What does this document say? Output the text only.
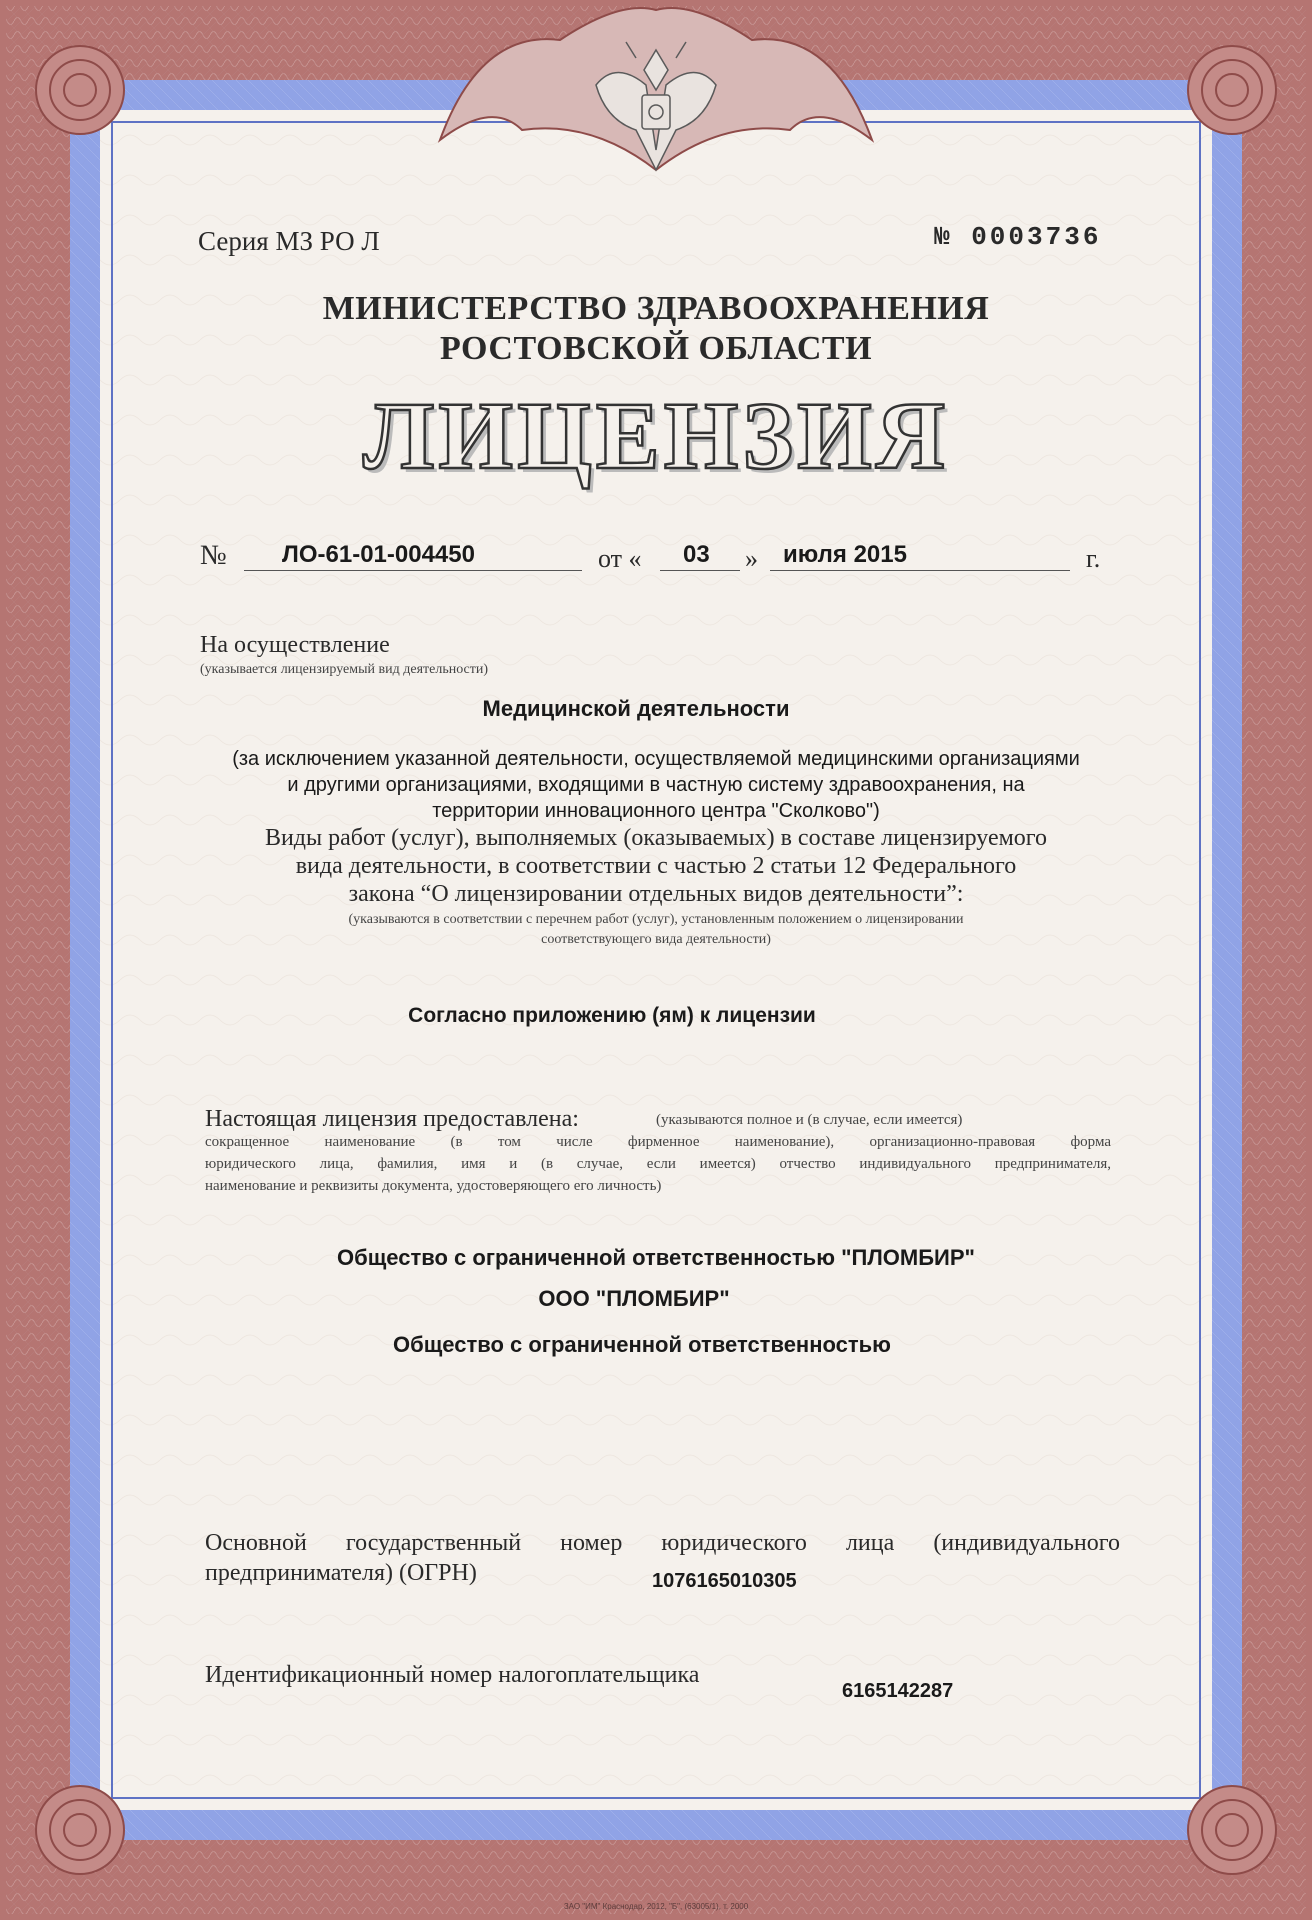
Серия МЗ РО Л	№ 0003736
МИНИСТЕРСТВО ЗДРАВООХРАНЕНИЯ
РОСТОВСКОЙ ОБЛАСТИ
ЛИЦЕНЗИЯ
№ ЛО-61-01-004450	от « 03 » июля 2015	г.
На осуществление
(указывается лицензируемый вид деятельности)
Медицинской деятельности
(за исключением указанной деятельности, осуществляемой медицинскими организациями
и другими организациями, входящими в частную систему здравоохранения, на
территории инновационного центра "Сколково")
Виды работ (услуг), выполняемых (оказываемых) в составе лицензируемого
вида деятельности, в соответствии с частью 2 статьи 12 Федерального
закона “О лицензировании отдельных видов деятельности”:
(указываются в соответствии с перечнем работ (услуг), установленным положением о лицензировании
соответствующего вида деятельности)
Согласно приложению (ям) к лицензии
Настоящая лицензия предоставлена:	(указываются полное и (в случае, если имеется)
сокращенное наименование (в том числе фирменное наименование), организационно-правовая форма
юридического лица, фамилия, имя и (в случае, если имеется) отчество индивидуального предпринимателя,
наименование и реквизиты документа, удостоверяющего его личность)
Общество с ограниченной ответственностью "ПЛОМБИР"
ООО "ПЛОМБИР"
Общество с ограниченной ответственностью
Основной государственный номер юридического лица (индивидуального
предпринимателя) (ОГРН)	1076165010305
Идентификационный номер налогоплательщика
6165142287
ЗАО "ИМ" Краснодар, 2012, "Б", (63005/1), т. 2000
